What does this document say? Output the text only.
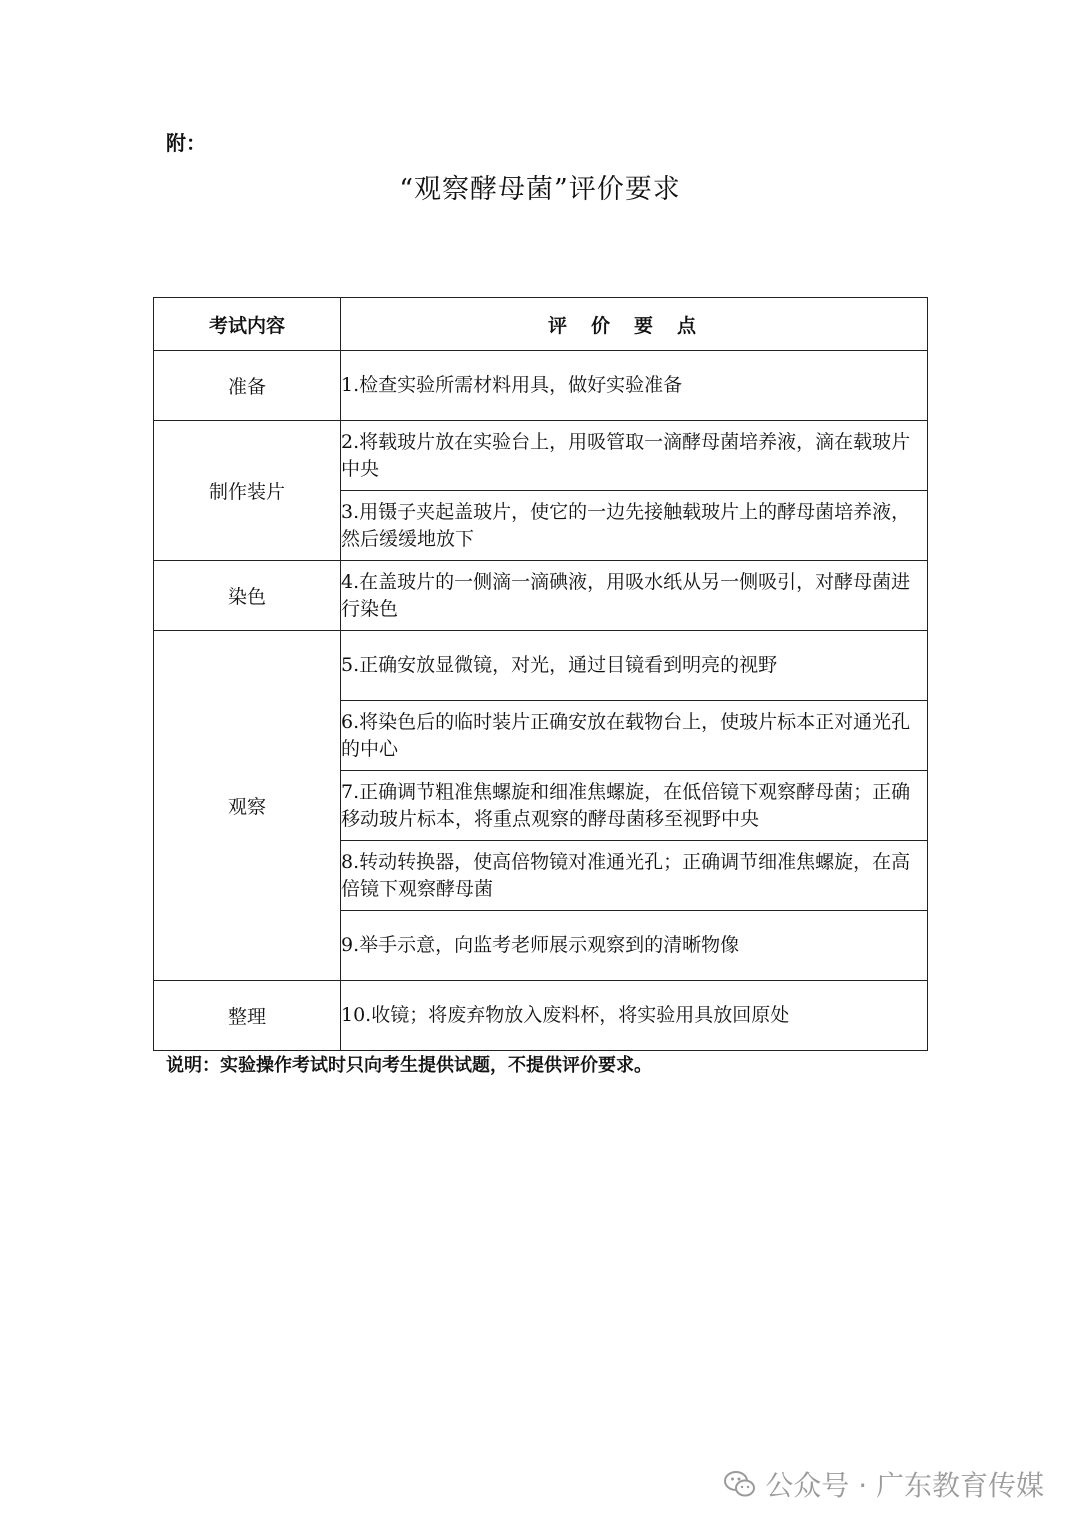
附：
“观察酵母菌”评价要求
考试内容	评价要点
准备	1.检查实验所需材料用具，做好实验准备
制作装片	2.将载玻片放在实验台上，用吸管取一滴酵母菌培养液，滴在载玻片中央
	3.用镊子夹起盖玻片，使它的一边先接触载玻片上的酵母菌培养液，然后缓缓地放下
染色	4.在盖玻片的一侧滴一滴碘液，用吸水纸从另一侧吸引，对酵母菌进行染色
观察	5.正确安放显微镜，对光，通过目镜看到明亮的视野
	6.将染色后的临时装片正确安放在载物台上，使玻片标本正对通光孔的中心
	7.正确调节粗准焦螺旋和细准焦螺旋，在低倍镜下观察酵母菌；正确移动玻片标本，将重点观察的酵母菌移至视野中央
	8.转动转换器，使高倍物镜对准通光孔；正确调节细准焦螺旋，在高倍镜下观察酵母菌
	9.举手示意，向监考老师展示观察到的清晰物像
整理	10.收镜；将废弃物放入废料杯，将实验用具放回原处
说明：实验操作考试时只向考生提供试题，不提供评价要求。
公众号 · 广东教育传媒
